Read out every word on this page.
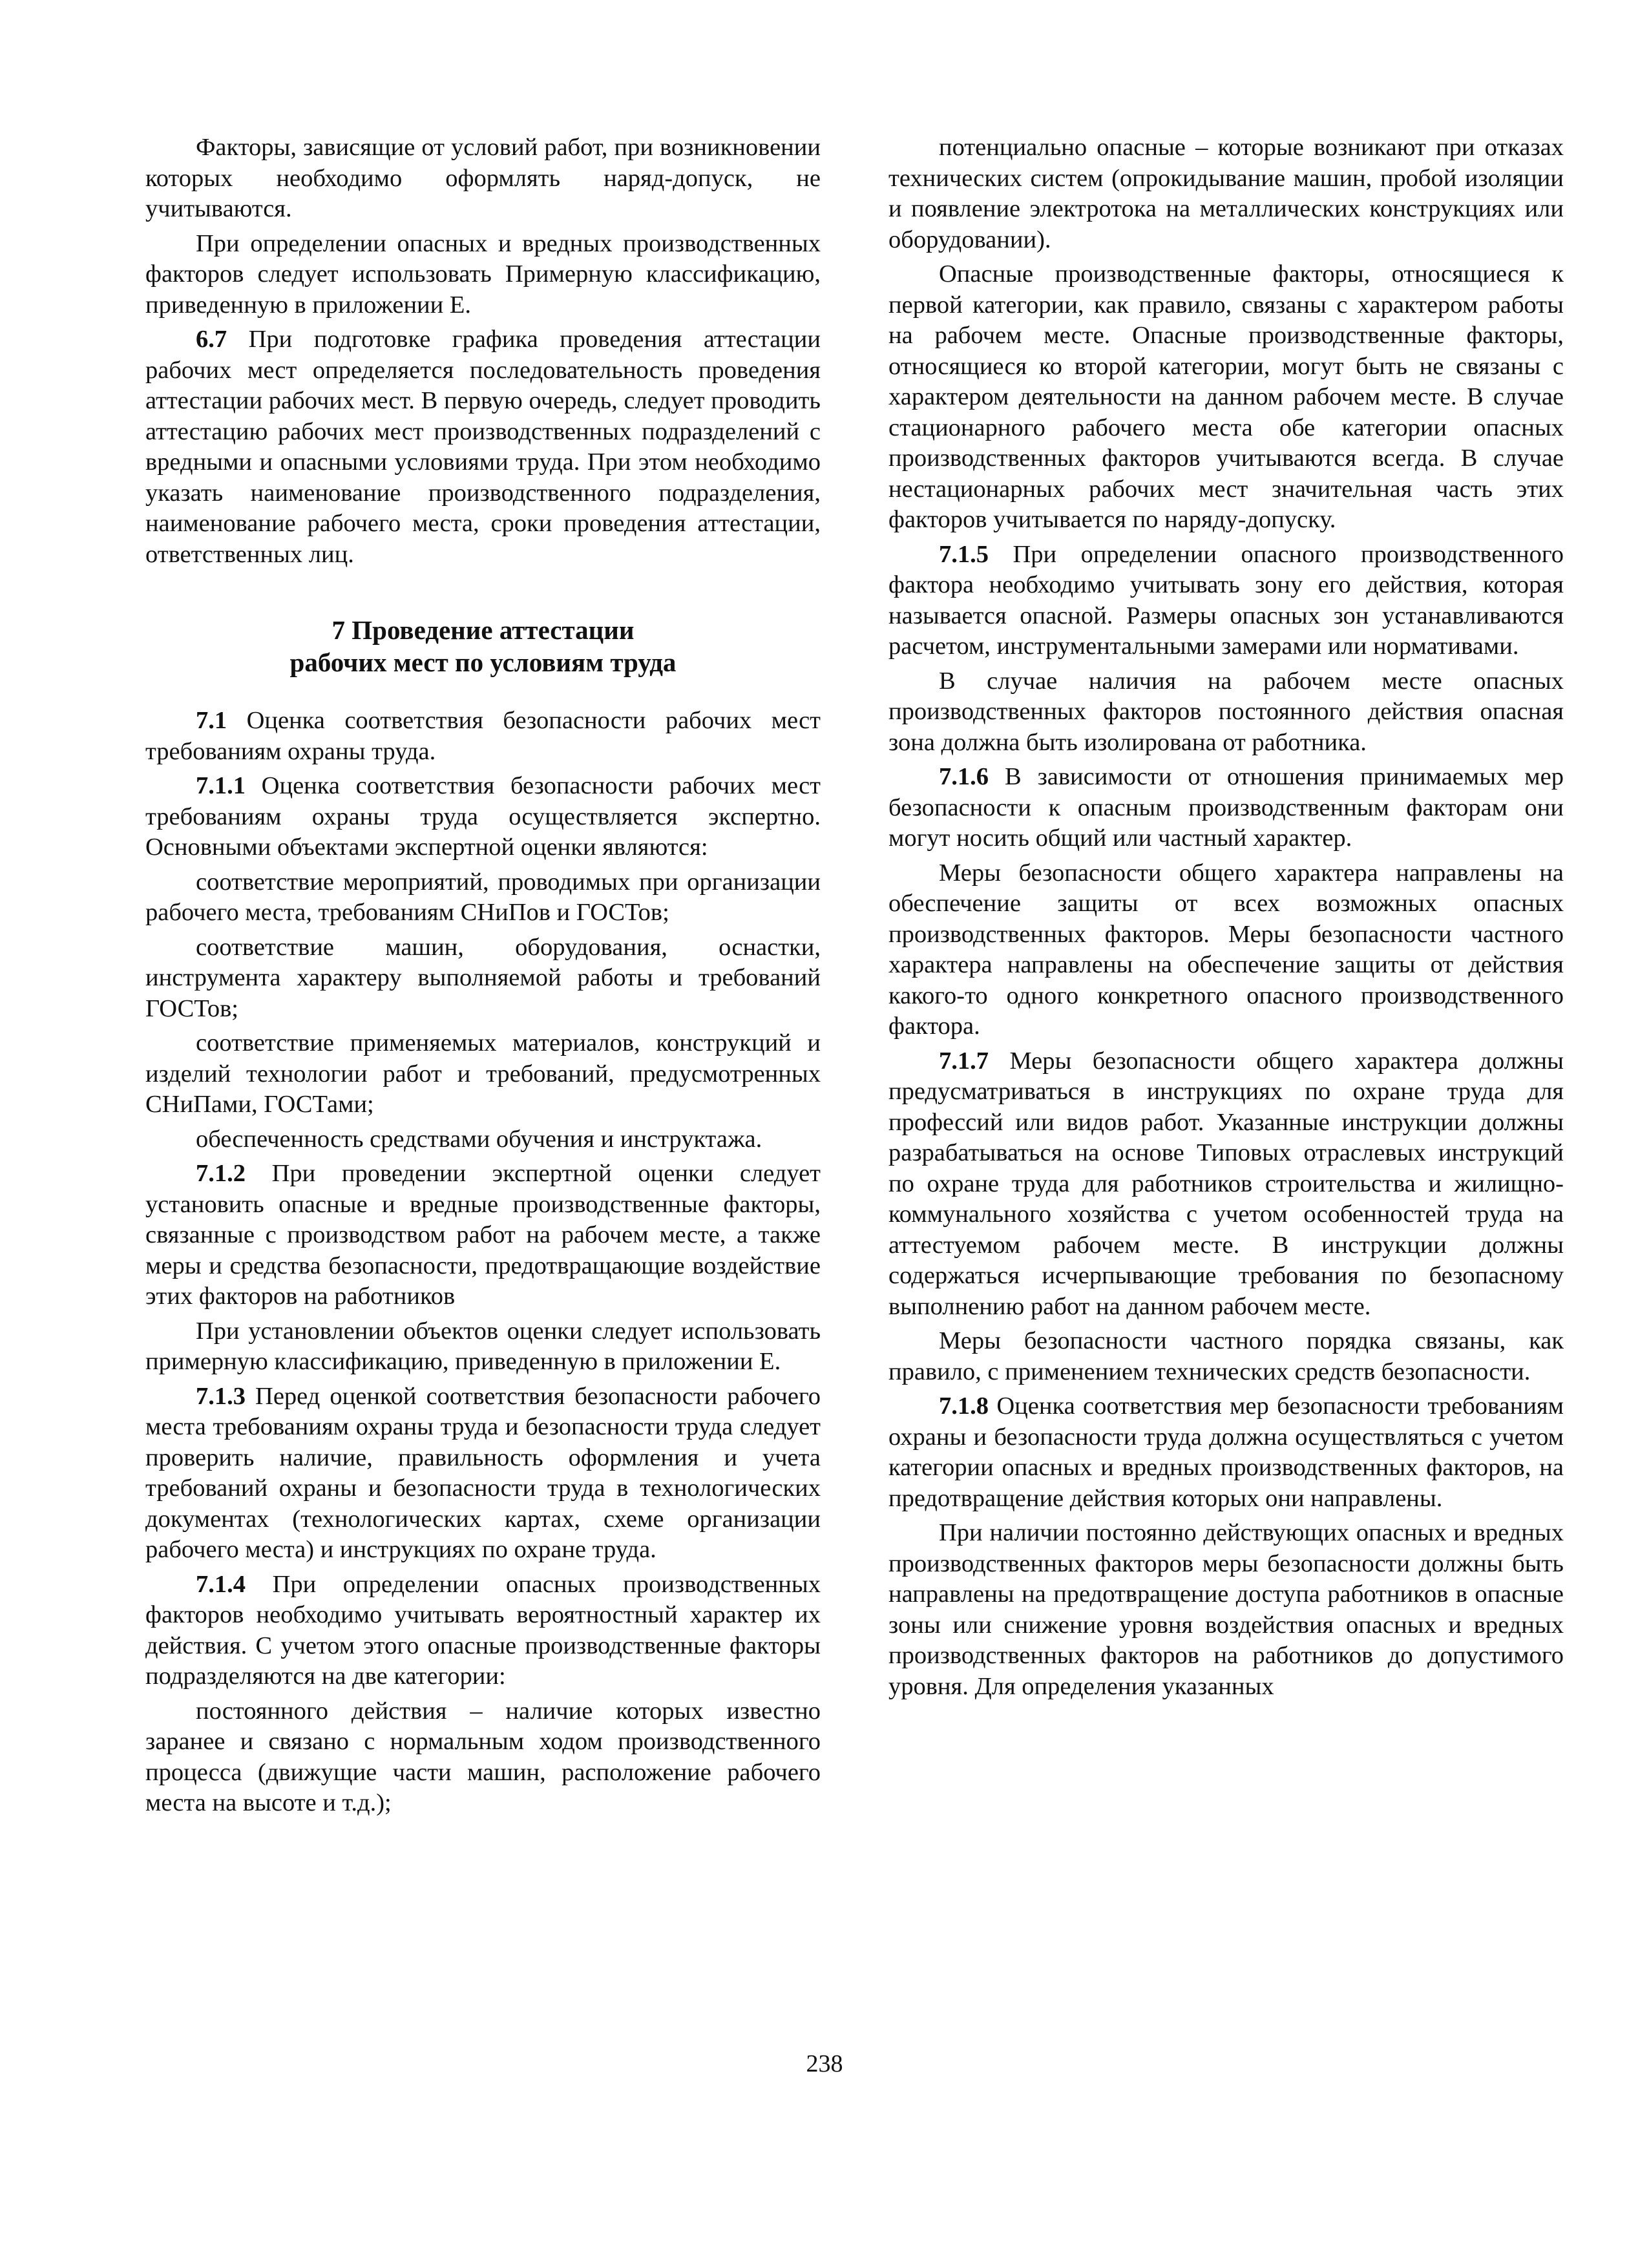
Факторы, зависящие от условий работ, при возникновении которых необходимо оформлять наряд-допуск, не учитываются.

При определении опасных и вредных производственных факторов следует использовать Примерную классификацию, приведенную в приложении Е.

6.7 При подготовке графика проведения аттестации рабочих мест определяется последовательность проведения аттестации рабочих мест. В первую очередь, следует проводить аттестацию рабочих мест производственных подразделений с вредными и опасными условиями труда. При этом необходимо указать наименование производственного подразделения, наименование рабочего места, сроки проведения аттестации, ответственных лиц.

7 Проведение аттестации
рабочих мест по условиям труда

7.1 Оценка соответствия безопасности рабочих мест требованиям охраны труда.

7.1.1 Оценка соответствия безопасности рабочих мест требованиям охраны труда осуществляется экспертно. Основными объектами экспертной оценки являются:

соответствие мероприятий, проводимых при организации рабочего места, требованиям СНиПов и ГОСТов;

соответствие машин, оборудования, оснастки, инструмента характеру выполняемой работы и требований ГОСТов;

соответствие применяемых материалов, конструкций и изделий технологии работ и требований, предусмотренных СНиПами, ГОСТами;

обеспеченность средствами обучения и инструктажа.

7.1.2 При проведении экспертной оценки следует установить опасные и вредные производственные факторы, связанные с производством работ на рабочем месте, а также меры и средства безопасности, предотвращающие воздействие этих факторов на работников

При установлении объектов оценки следует использовать примерную классификацию, приведенную в приложении Е.

7.1.3 Перед оценкой соответствия безопасности рабочего места требованиям охраны труда и безопасности труда следует проверить наличие, правильность оформления и учета требований охраны и безопасности труда в технологических документах (технологических картах, схеме организации рабочего места) и инструкциях по охране труда.

7.1.4 При определении опасных производственных факторов необходимо учитывать вероятностный характер их действия. С учетом этого опасные производственные факторы подразделяются на две категории:

постоянного действия – наличие которых известно заранее и связано с нормальным ходом производственного процесса (движущие части машин, расположение рабочего места на высоте и т.д.);

потенциально опасные – которые возникают при отказах технических систем (опрокидывание машин, пробой изоляции и появление электротока на металлических конструкциях или оборудовании).

Опасные производственные факторы, относящиеся к первой категории, как правило, связаны с характером работы на рабочем месте. Опасные производственные факторы, относящиеся ко второй категории, могут быть не связаны с характером деятельности на данном рабочем месте. В случае стационарного рабочего места обе категории опасных производственных факторов учитываются всегда. В случае нестационарных рабочих мест значительная часть этих факторов учитывается по наряду-допуску.

7.1.5 При определении опасного производственного фактора необходимо учитывать зону его действия, которая называется опасной. Размеры опасных зон устанавливаются расчетом, инструментальными замерами или нормативами.

В случае наличия на рабочем месте опасных производственных факторов постоянного действия опасная зона должна быть изолирована от работника.

7.1.6 В зависимости от отношения принимаемых мер безопасности к опасным производственным факторам они могут носить общий или частный характер.

Меры безопасности общего характера направлены на обеспечение защиты от всех возможных опасных производственных факторов. Меры безопасности частного характера направлены на обеспечение защиты от действия какого-то одного конкретного опасного производственного фактора.

7.1.7 Меры безопасности общего характера должны предусматриваться в инструкциях по охране труда для профессий или видов работ. Указанные инструкции должны разрабатываться на основе Типовых отраслевых инструкций по охране труда для работников строительства и жилищно-коммунального хозяйства с учетом особенностей труда на аттестуемом рабочем месте. В инструкции должны содержаться исчерпывающие требования по безопасному выполнению работ на данном рабочем месте.

Меры безопасности частного порядка связаны, как правило, с применением технических средств безопасности.

7.1.8 Оценка соответствия мер безопасности требованиям охраны и безопасности труда должна осуществляться с учетом категории опасных и вредных производственных факторов, на предотвращение действия которых они направлены.

При наличии постоянно действующих опасных и вредных производственных факторов меры безопасности должны быть направлены на предотвращение доступа работников в опасные зоны или снижение уровня воздействия опасных и вредных производственных факторов на работников до допустимого уровня. Для определения указанных

238
